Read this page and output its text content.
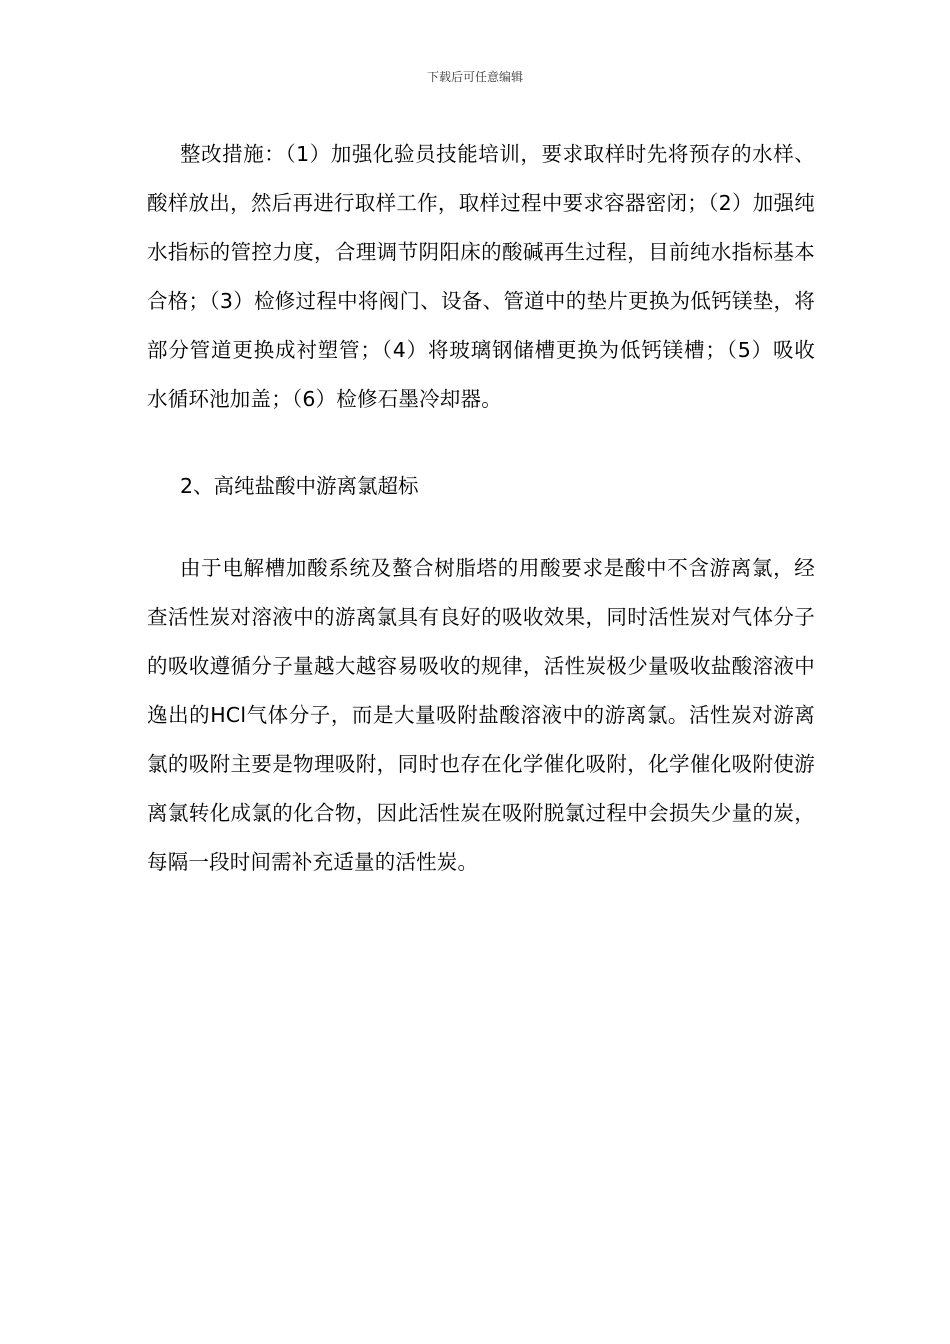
下载后可任意编辑

整改措施：（1）加强化验员技能培训，要求取样时先将预存的水样、酸样放出，然后再进行取样工作，取样过程中要求容器密闭；（2）加强纯水指标的管控力度，合理调节阴阳床的酸碱再生过程，目前纯水指标基本合格；（3）检修过程中将阀门、设备、管道中的垫片更换为低钙镁垫，将部分管道更换成衬塑管；（4）将玻璃钢储槽更换为低钙镁槽；（5）吸收水循环池加盖；（6）检修石墨冷却器。

2、高纯盐酸中游离氯超标

由于电解槽加酸系统及螯合树脂塔的用酸要求是酸中不含游离氯，经查活性炭对溶液中的游离氯具有良好的吸收效果，同时活性炭对气体分子的吸收遵循分子量越大越容易吸收的规律，活性炭极少量吸收盐酸溶液中逸出的HCl气体分子，而是大量吸附盐酸溶液中的游离氯。活性炭对游离氯的吸附主要是物理吸附，同时也存在化学催化吸附，化学催化吸附使游离氯转化成氯的化合物，因此活性炭在吸附脱氯过程中会损失少量的炭，每隔一段时间需补充适量的活性炭。
